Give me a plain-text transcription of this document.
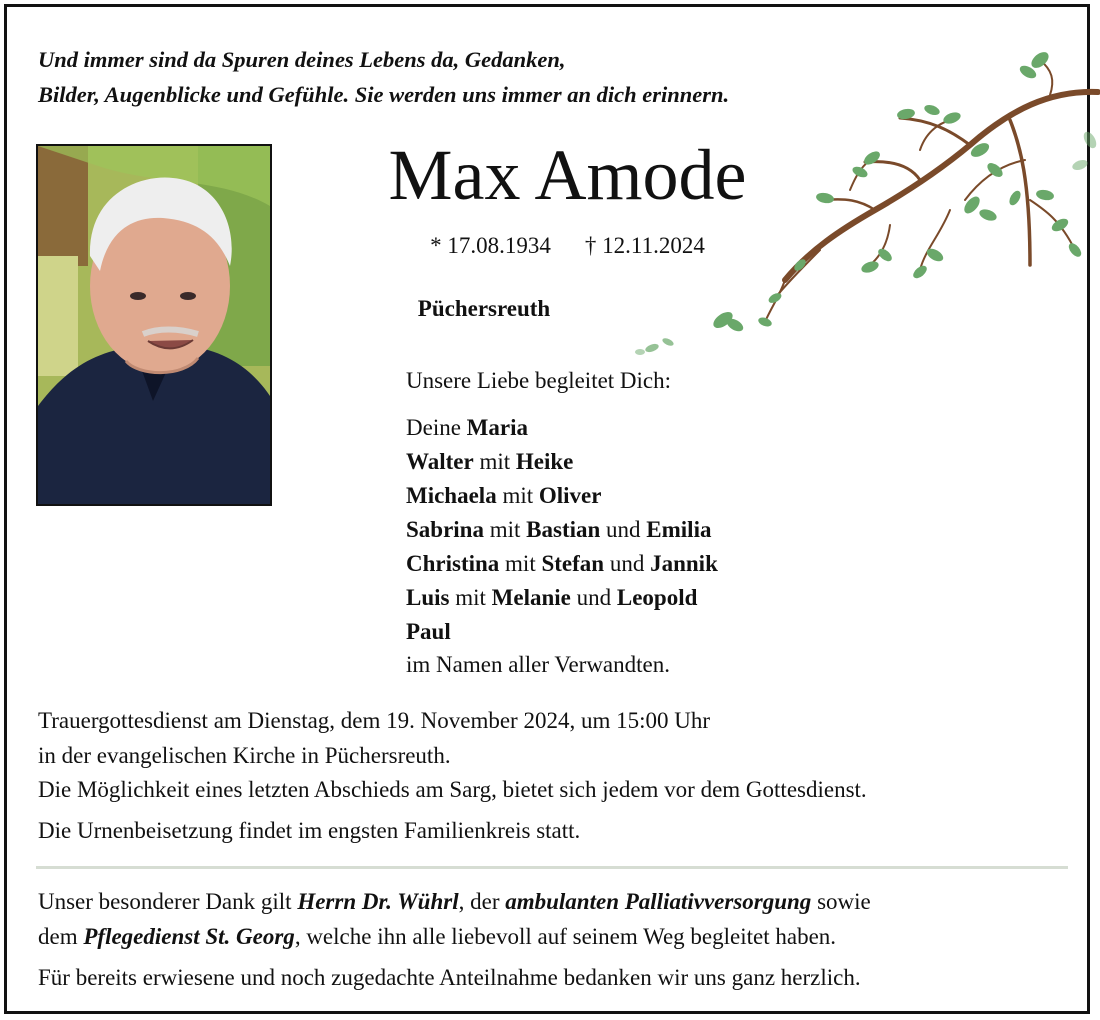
Und immer sind da Spuren deines Lebens da, Gedanken,
Bilder, Augenblicke und Gefühle. Sie werden uns immer an dich erinnern.
Max Amode
* 17.08.1934 † 12.11.2024
Püchersreuth
Unsere Liebe begleitet Dich:
Deine Maria
Walter mit Heike
Michaela mit Oliver
Sabrina mit Bastian und Emilia
Christina mit Stefan und Jannik
Luis mit Melanie und Leopold
Paul
im Namen aller Verwandten.
Trauergottesdienst am Dienstag, dem 19. November 2024, um 15:00 Uhr
in der evangelischen Kirche in Püchersreuth.
Die Möglichkeit eines letzten Abschieds am Sarg, bietet sich jedem vor dem Gottesdienst.
Die Urnenbeisetzung findet im engsten Familienkreis statt.
Unser besonderer Dank gilt Herrn Dr. Wührl, der ambulanten Palliativversorgung sowie
dem Pflegedienst St. Georg, welche ihn alle liebevoll auf seinem Weg begleitet haben.
Für bereits erwiesene und noch zugedachte Anteilnahme bedanken wir uns ganz herzlich.
